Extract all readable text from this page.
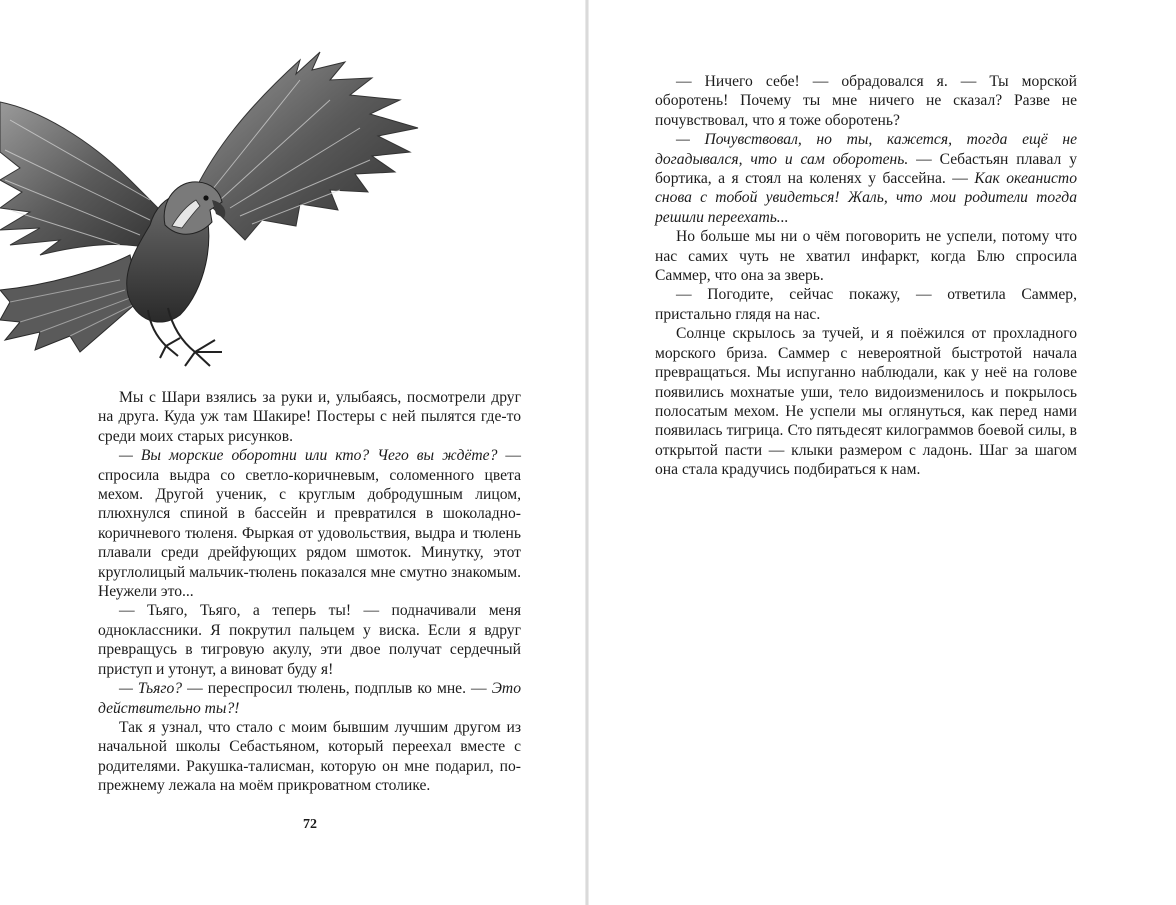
Мы с Шари взялись за руки и, улыбаясь, посмотрели друг на друга. Куда уж там Шакире! Постеры с ней пылятся где-то среди моих старых рисунков.

— Вы морские оборотни или кто? Чего вы ждёте? — спросила выдра со светло-коричневым, соломенного цвета мехом. Другой ученик, с круглым добродушным лицом, плюхнулся спиной в бассейн и превратился в шоколадно-коричневого тюленя. Фыркая от удовольствия, выдра и тюлень плавали среди дрейфующих рядом шмоток. Минутку, этот круглолицый мальчик-тюлень показался мне смутно знакомым. Неужели это...

— Тьяго, Тьяго, а теперь ты! — подначивали меня одноклассники. Я покрутил пальцем у виска. Если я вдруг превращусь в тигровую акулу, эти двое получат сердечный приступ и утонут, а виноват буду я!

— Тьяго? — переспросил тюлень, подплыв ко мне. — Это действительно ты?!

Так я узнал, что стало с моим бывшим лучшим другом из начальной школы Себастьяном, который переехал вместе с родителями. Ракушка-талисман, которую он мне подарил, по-прежнему лежала на моём прикроватном столике.

72

— Ничего себе! — обрадовался я. — Ты морской оборотень! Почему ты мне ничего не сказал? Разве не почувствовал, что я тоже оборотень?

— Почувствовал, но ты, кажется, тогда ещё не догадывался, что и сам оборотень. — Себастьян плавал у бортика, а я стоял на коленях у бассейна. — Как океанисто снова с тобой увидеться! Жаль, что мои родители тогда решили переехать...

Но больше мы ни о чём поговорить не успели, потому что нас самих чуть не хватил инфаркт, когда Блю спросила Саммер, что она за зверь.

— Погодите, сейчас покажу, — ответила Саммер, пристально глядя на нас.

Солнце скрылось за тучей, и я поёжился от прохладного морского бриза. Саммер с невероятной быстротой начала превращаться. Мы испуганно наблюдали, как у неё на голове появились мохнатые уши, тело видоизменилось и покрылось полосатым мехом. Не успели мы оглянуться, как перед нами появилась тигрица. Сто пятьдесят килограммов боевой силы, в открытой пасти — клыки размером с ладонь. Шаг за шагом она стала крадучись подбираться к нам.
